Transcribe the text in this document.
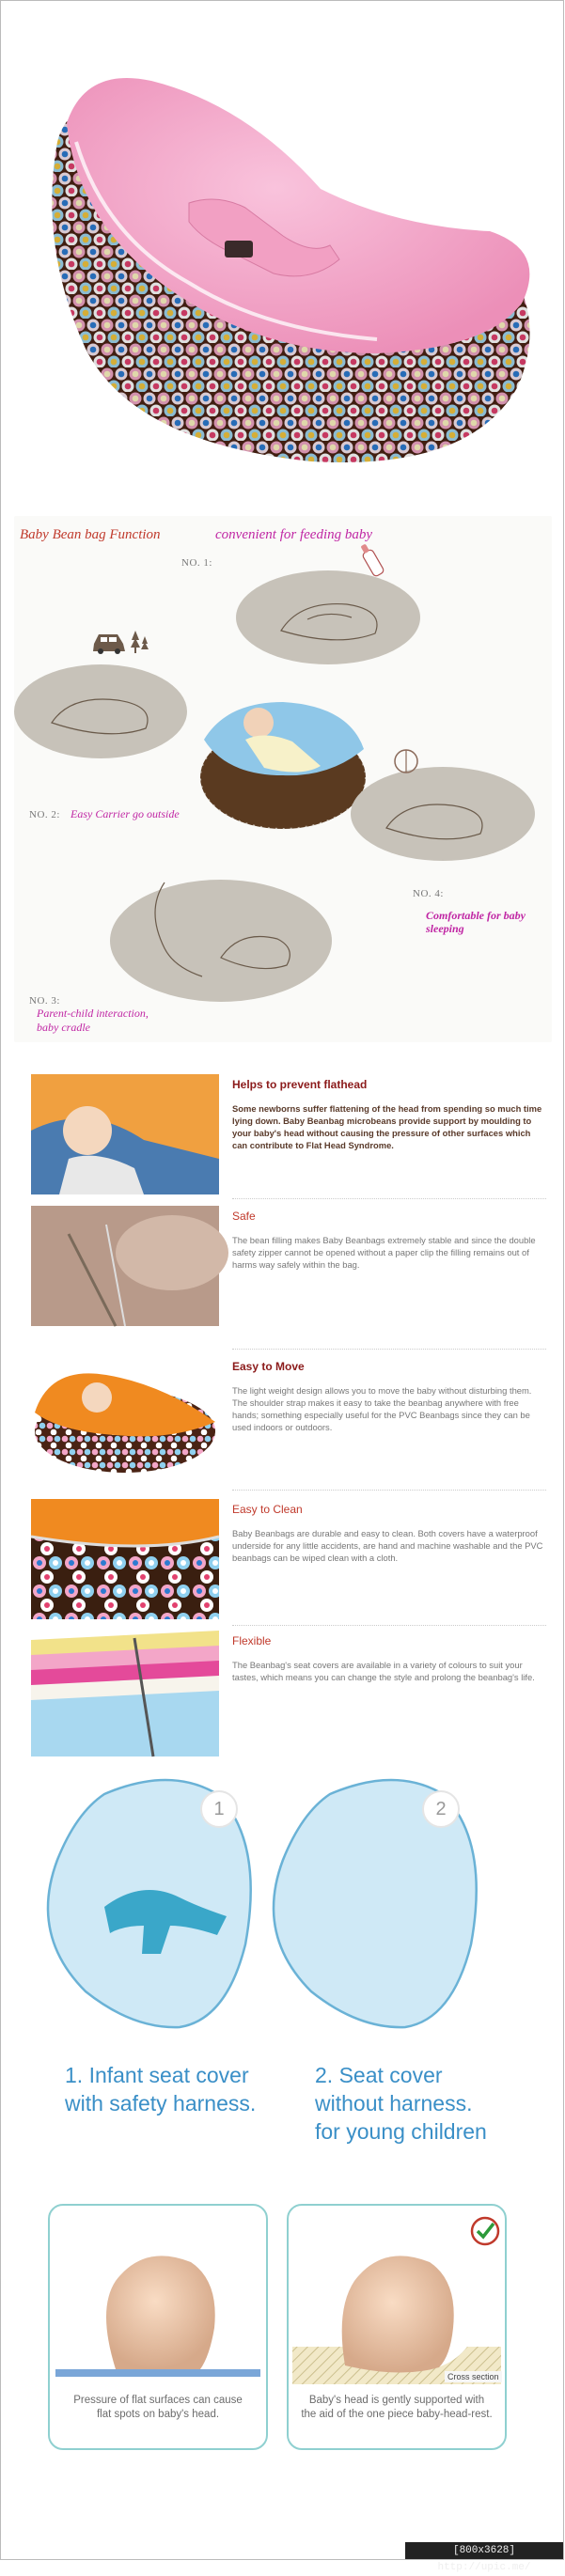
Baby Bean bag Function	convenient for feeding baby
NO. 1:
NO. 2: Easy Carrier go outside
NO. 4:
Comfortable for baby sleeping
NO. 3:
Parent-child interaction,
baby cradle
Helps to prevent flathead

Some newborns suffer flattening of the head from spending so much time lying down. Baby Beanbag microbeans provide support by moulding to your baby's head without causing the pressure of other surfaces which can contribute to Flat Head Syndrome.

Safe

The bean filling makes Baby Beanbags extremely stable and since the double safety zipper cannot be opened without a paper clip the filling remains out of harms way safely within the bag.

Easy to Move

The light weight design allows you to move the baby without disturbing them. The shoulder strap makes it easy to take the beanbag anywhere with free hands; something especially useful for the PVC Beanbags since they can be used indoors or outdoors.

Easy to Clean

Baby Beanbags are durable and easy to clean. Both covers have a waterproof underside for any little accidents, are hand and machine washable and the PVC beanbags can be wiped clean with a cloth.

Flexible

The Beanbag's seat covers are available in a variety of colours to suit your tastes, which means you can change the style and prolong the beanbag's life.

1	2
1. Infant seat cover
with safety harness.
2. Seat cover
without harness.
for young children
Pressure of flat surfaces can cause
flat spots on baby's head.
Cross section
Baby's head is gently supported with
the aid of the one piece baby-head-rest.
[800x3628] http://upic.me/
